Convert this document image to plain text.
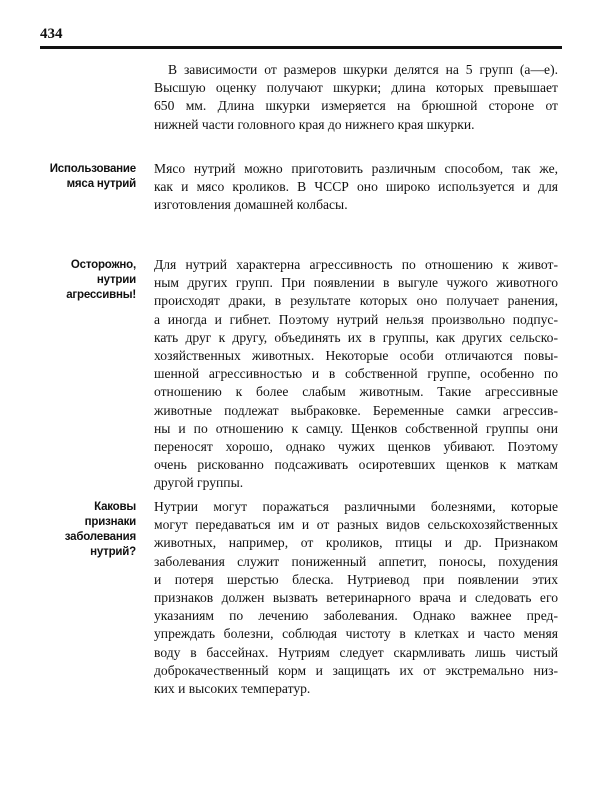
434
В зависимости от размеров шкурки делятся на 5 групп (а—е).
Высшую оценку получают шкурки; длина которых превышает
650 мм. Длина шкурки измеряется на брюшной стороне от
нижней части головного края до нижнего края шкурки.
Использование
мяса нутрий
Мясо нутрий можно приготовить различным способом, так же,
как и мясо кроликов. В ЧССР оно широко используется и для
изготовления домашней колбасы.
Осторожно,
нутрии
агрессивны!
Для нутрий характерна агрессивность по отношению к живот-
ным других групп. При появлении в выгуле чужого животного
происходят драки, в результате которых оно получает ранения,
а иногда и гибнет. Поэтому нутрий нельзя произвольно подпус-
кать друг к другу, объединять их в группы, как других сельско-
хозяйственных животных. Некоторые особи отличаются повы-
шенной агрессивностью и в собственной группе, особенно по
отношению к более слабым животным. Такие агрессивные
животные подлежат выбраковке. Беременные самки агрессив-
ны и по отношению к самцу. Щенков собственной группы они
переносят хорошо, однако чужих щенков убивают. Поэтому
очень рискованно подсаживать осиротевших щенков к маткам
другой группы.
Каковы
признаки
заболевания
нутрий?
Нутрии могут поражаться различными болезнями, которые
могут передаваться им и от разных видов сельскохозяйственных
животных, например, от кроликов, птицы и др. Признаком
заболевания служит пониженный аппетит, поносы, похудения
и потеря шерстью блеска. Нутриевод при появлении этих
признаков должен вызвать ветеринарного врача и следовать его
указаниям по лечению заболевания. Однако важнее пред-
упреждать болезни, соблюдая чистоту в клетках и часто меняя
воду в бассейнах. Нутриям следует скармливать лишь чистый
доброкачественный корм и защищать их от экстремально низ-
ких и высоких температур.
